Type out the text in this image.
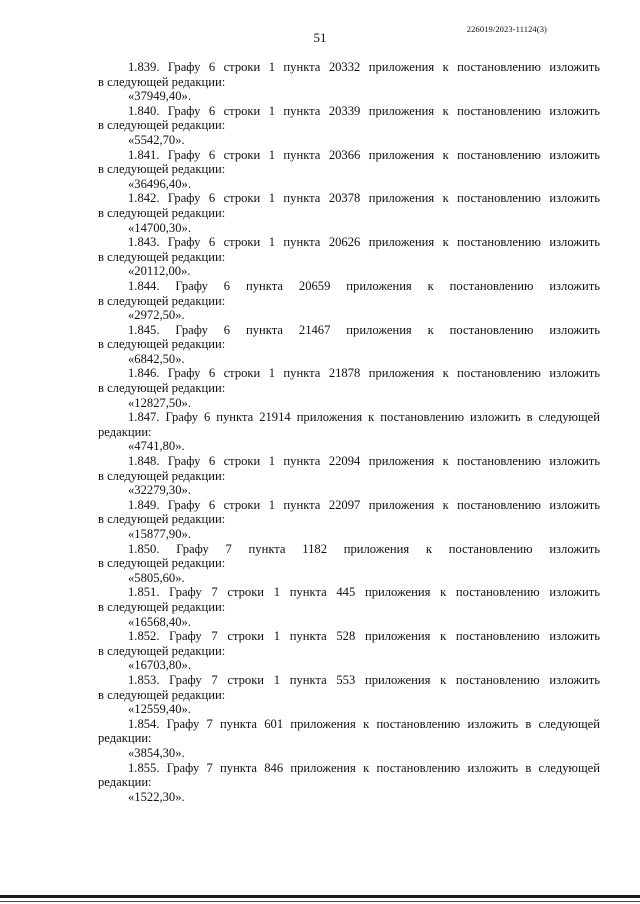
226019/2023-11124(3)
51
1.839. Графу 6 строки 1 пункта 20332 приложения к постановлению изложить
в следующей редакции:
«37949,40».
1.840. Графу 6 строки 1 пункта 20339 приложения к постановлению изложить
в следующей редакции:
«5542,70».
1.841. Графу 6 строки 1 пункта 20366 приложения к постановлению изложить
в следующей редакции:
«36496,40».
1.842. Графу 6 строки 1 пункта 20378 приложения к постановлению изложить
в следующей редакции:
«14700,30».
1.843. Графу 6 строки 1 пункта 20626 приложения к постановлению изложить
в следующей редакции:
«20112,00».
1.844. Графу 6 пункта 20659 приложения к постановлению изложить
в следующей редакции:
«2972,50».
1.845. Графу 6 пункта 21467 приложения к постановлению изложить
в следующей редакции:
«6842,50».
1.846. Графу 6 строки 1 пункта 21878 приложения к постановлению изложить
в следующей редакции:
«12827,50».
1.847. Графу 6 пункта 21914 приложения к постановлению изложить в следующей
редакции:
«4741,80».
1.848. Графу 6 строки 1 пункта 22094 приложения к постановлению изложить
в следующей редакции:
«32279,30».
1.849. Графу 6 строки 1 пункта 22097 приложения к постановлению изложить
в следующей редакции:
«15877,90».
1.850. Графу 7 пункта 1182 приложения к постановлению изложить
в следующей редакции:
«5805,60».
1.851. Графу 7 строки 1 пункта 445 приложения к постановлению изложить
в следующей редакции:
«16568,40».
1.852. Графу 7 строки 1 пункта 528 приложения к постановлению изложить
в следующей редакции:
«16703,80».
1.853. Графу 7 строки 1 пункта 553 приложения к постановлению изложить
в следующей редакции:
«12559,40».
1.854. Графу 7 пункта 601 приложения к постановлению изложить в следующей
редакции:
«3854,30».
1.855. Графу 7 пункта 846 приложения к постановлению изложить в следующей
редакции:
«1522,30».
